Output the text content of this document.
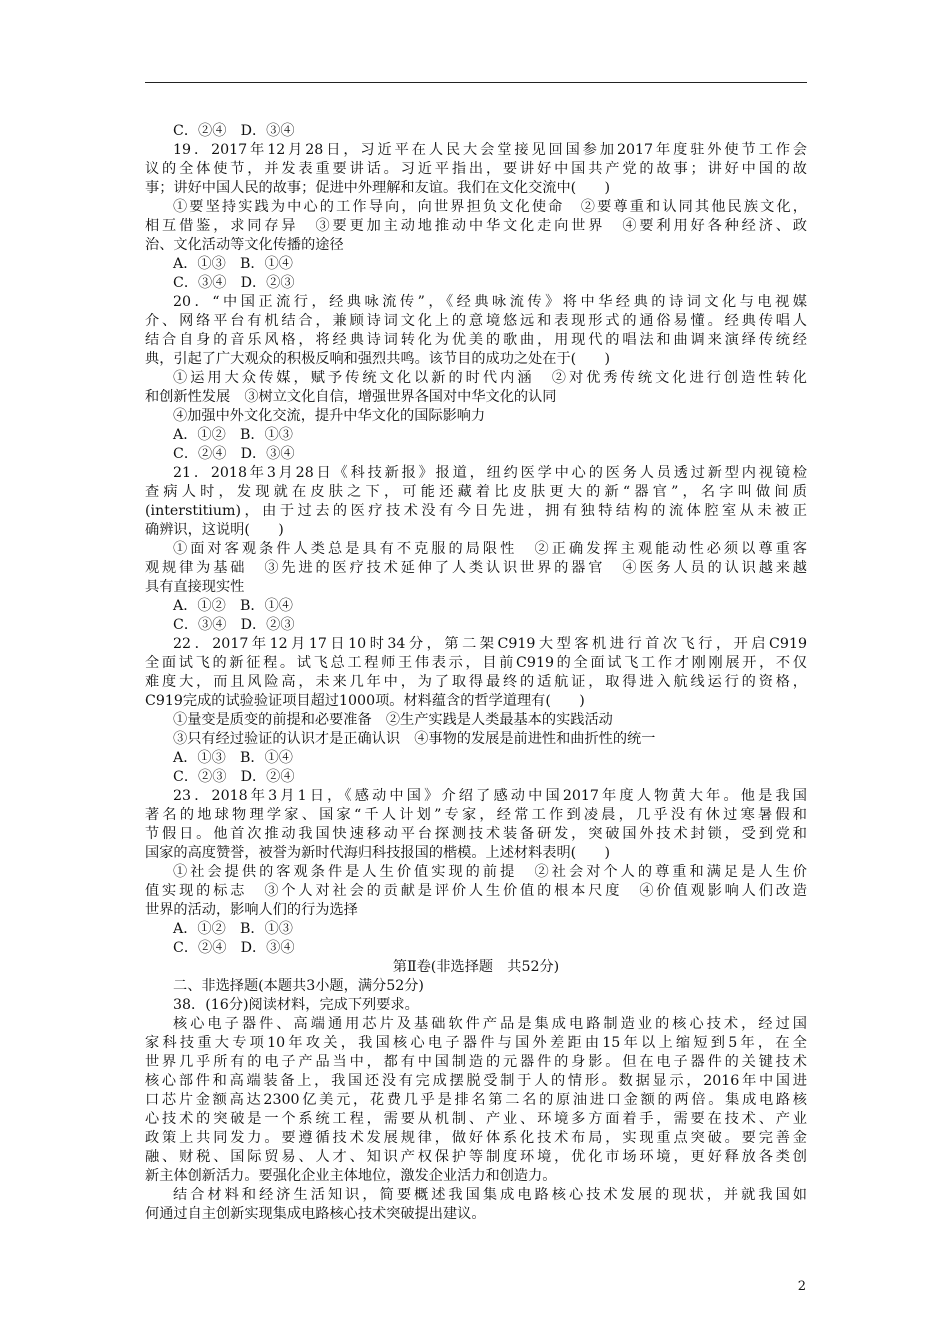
C．②④　D．③④
19．2017年12月28日，习近平在人民大会堂接见回国参加2017年度驻外使节工作会
议的全体使节，并发表重要讲话。习近平指出，要讲好中国共产党的故事；讲好中国的故
事；讲好中国人民的故事；促进中外理解和友谊。我们在文化交流中(　　)
①要坚持实践为中心的工作导向，向世界担负文化使命　②要尊重和认同其他民族文化，
相互借鉴，求同存异　③要更加主动地推动中华文化走向世界　④要利用好各种经济、政
治、文化活动等文化传播的途径
A．①③　B．①④
C．③④　D．②③
20．“中国正流行，经典咏流传”，《经典咏流传》将中华经典的诗词文化与电视媒
介、网络平台有机结合，兼顾诗词文化上的意境悠远和表现形式的通俗易懂。经典传唱人
结合自身的音乐风格，将经典诗词转化为优美的歌曲，用现代的唱法和曲调来演绎传统经
典，引起了广大观众的积极反响和强烈共鸣。该节目的成功之处在于(　　)
①运用大众传媒，赋予传统文化以新的时代内涵　②对优秀传统文化进行创造性转化
和创新性发展　③树立文化自信，增强世界各国对中华文化的认同
④加强中外文化交流，提升中华文化的国际影响力
A．①②　B．①③
C．②④　D．③④
21．2018年3月28日《科技新报》报道，纽约医学中心的医务人员透过新型内视镜检
查病人时，发现就在皮肤之下，可能还藏着比皮肤更大的新“器官”，名字叫做间质
(interstitium)，由于过去的医疗技术没有今日先进，拥有独特结构的流体腔室从未被正
确辨识，这说明(　　)
①面对客观条件人类总是具有不克服的局限性　②正确发挥主观能动性必须以尊重客
观规律为基础　③先进的医疗技术延伸了人类认识世界的器官　④医务人员的认识越来越
具有直接现实性
A．①②　B．①④
C．③④　D．②③
22．2017年12月17日10时34分，第二架C919大型客机进行首次飞行，开启C919
全面试飞的新征程。试飞总工程师王伟表示，目前C919的全面试飞工作才刚刚展开，不仅
难度大，而且风险高，未来几年中，为了取得最终的适航证，取得进入航线运行的资格，
C919完成的试验验证项目超过1000项。材料蕴含的哲学道理有(　　)
①量变是质变的前提和必要准备　②生产实践是人类最基本的实践活动
③只有经过验证的认识才是正确认识　④事物的发展是前进性和曲折性的统一
A．①③　B．①④
C．②③　D．②④
23．2018年3月1日，《感动中国》介绍了感动中国2017年度人物黄大年。他是我国
著名的地球物理学家、国家“千人计划”专家，经常工作到凌晨，几乎没有休过寒暑假和
节假日。他首次推动我国快速移动平台探测技术装备研发，突破国外技术封锁，受到党和
国家的高度赞誉，被誉为新时代海归科技报国的楷模。上述材料表明(　　)
①社会提供的客观条件是人生价值实现的前提　②社会对个人的尊重和满足是人生价
值实现的标志　③个人对社会的贡献是评价人生价值的根本尺度　④价值观影响人们改造
世界的活动，影响人们的行为选择
A．①②　B．①③
C．②④　D．③④
第Ⅱ卷(非选择题　共52分)
二、非选择题(本题共3小题，满分52分)
38．(16分)阅读材料，完成下列要求。
核心电子器件、高端通用芯片及基础软件产品是集成电路制造业的核心技术，经过国
家科技重大专项10年攻关，我国核心电子器件与国外差距由15年以上缩短到5年，在全
世界几乎所有的电子产品当中，都有中国制造的元器件的身影。但在电子器件的关键技术
核心部件和高端装备上，我国还没有完成摆脱受制于人的情形。数据显示，2016年中国进
口芯片金额高达2300亿美元，花费几乎是排名第二名的原油进口金额的两倍。集成电路核
心技术的突破是一个系统工程，需要从机制、产业、环境多方面着手，需要在技术、产业
政策上共同发力。要遵循技术发展规律，做好体系化技术布局，实现重点突破。要完善金
融、财税、国际贸易、人才、知识产权保护等制度环境，优化市场环境，更好释放各类创
新主体创新活力。要强化企业主体地位，激发企业活力和创造力。
结合材料和经济生活知识，简要概述我国集成电路核心技术发展的现状，并就我国如
何通过自主创新实现集成电路核心技术突破提出建议。
2
